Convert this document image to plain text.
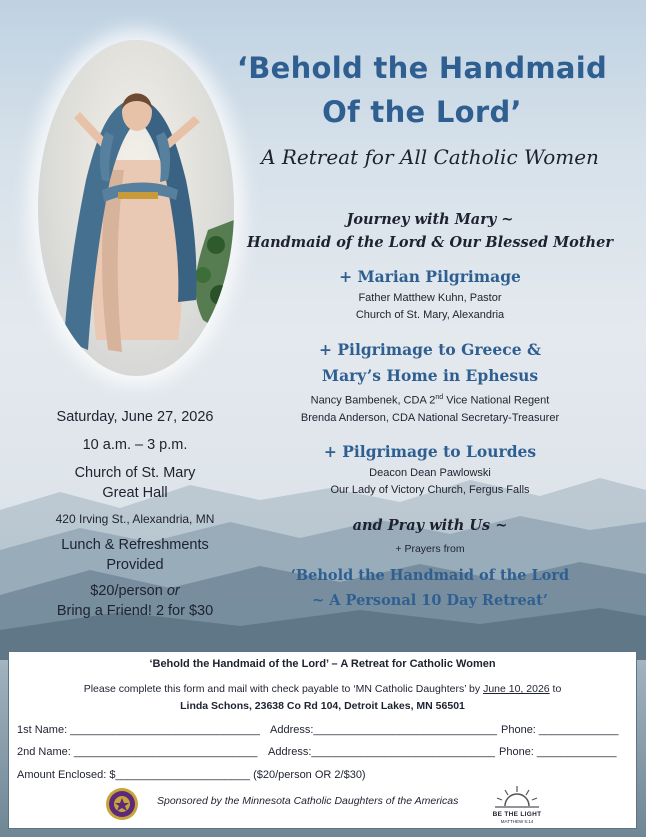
‘Behold the Handmaid
Of the Lord’
A Retreat for All Catholic Women
Journey with Mary ~
Handmaid of the Lord & Our Blessed Mother
+ Marian Pilgrimage
Father Matthew Kuhn, Pastor
Church of St. Mary, Alexandria
+ Pilgrimage to Greece &
Mary’s Home in Ephesus
Nancy Bambenek, CDA 2nd Vice National Regent
Brenda Anderson, CDA National Secretary-Treasurer
+ Pilgrimage to Lourdes
Deacon Dean Pawlowski
Our Lady of Victory Church, Fergus Falls
and Pray with Us ~
+ Prayers from
‘Behold the Handmaid of the Lord
~ A Personal 10 Day Retreat’
Saturday, June 27, 2026
10 a.m. – 3 p.m.
Church of St. Mary
Great Hall
420 Irving St., Alexandria, MN
Lunch & Refreshments
Provided
$20/person or
Bring a Friend! 2 for $30
‘Behold the Handmaid of the Lord’ – A Retreat for Catholic Women
Please complete this form and mail with check payable to ‘MN Catholic Daughters’ by June 10, 2026 to
Linda Schons, 23638 Co Rd 104, Detroit Lakes, MN 56501
1st Name: _______________________________ Address:______________________________ Phone: _____________
2nd Name: ______________________________ Address:______________________________ Phone: _____________
Amount Enclosed: $______________________ ($20/person OR 2/$30)
Sponsored by the Minnesota Catholic Daughters of the Americas
BE THE LIGHT
MATTHEW 5:14
